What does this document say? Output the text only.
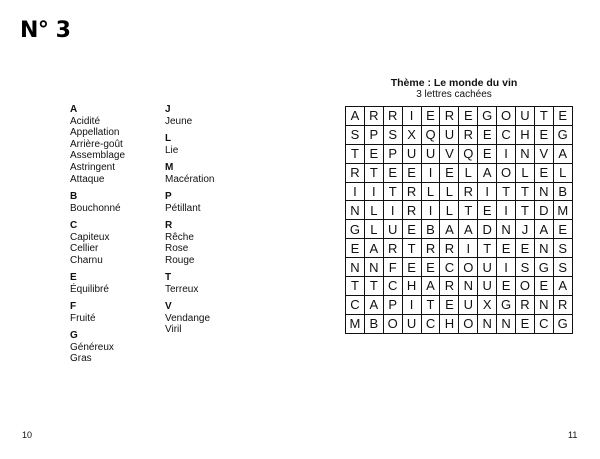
N° 3
A
Acidité
Appellation
Arrière-goût
Assemblage
Astringent
Attaque
B
Bouchonné
C
Capiteux
Cellier
Charnu
E
Équilibré
F
Fruité
G
Généreux
Gras
J
Jeune
L
Lie
M
Macération
P
Pétillant
R
Rêche
Rose
Rouge
T
Terreux
V
Vendange
Viril
Thème : Le monde du vin
3 lettres cachées
A	R	R	I	E	R	E	G	O	U	T	E
S	P	S	X	Q	U	R	E	C	H	E	G
T	E	P	U	U	V	Q	E	I	N	V	A
R	T	E	E	I	E	L	A	O	L	E	L
I	I	T	R	L	L	R	I	T	T	N	B
N	L	I	R	I	L	T	E	I	T	D	M
G	L	U	E	B	A	A	D	N	J	A	E
E	A	R	T	R	R	I	T	E	E	N	S
N	N	F	E	E	C	O	U	I	S	G	S
T	T	C	H	A	R	N	U	E	O	E	A
C	A	P	I	T	E	U	X	G	R	N	R
M	B	O	U	C	H	O	N	N	E	C	G
10	11
